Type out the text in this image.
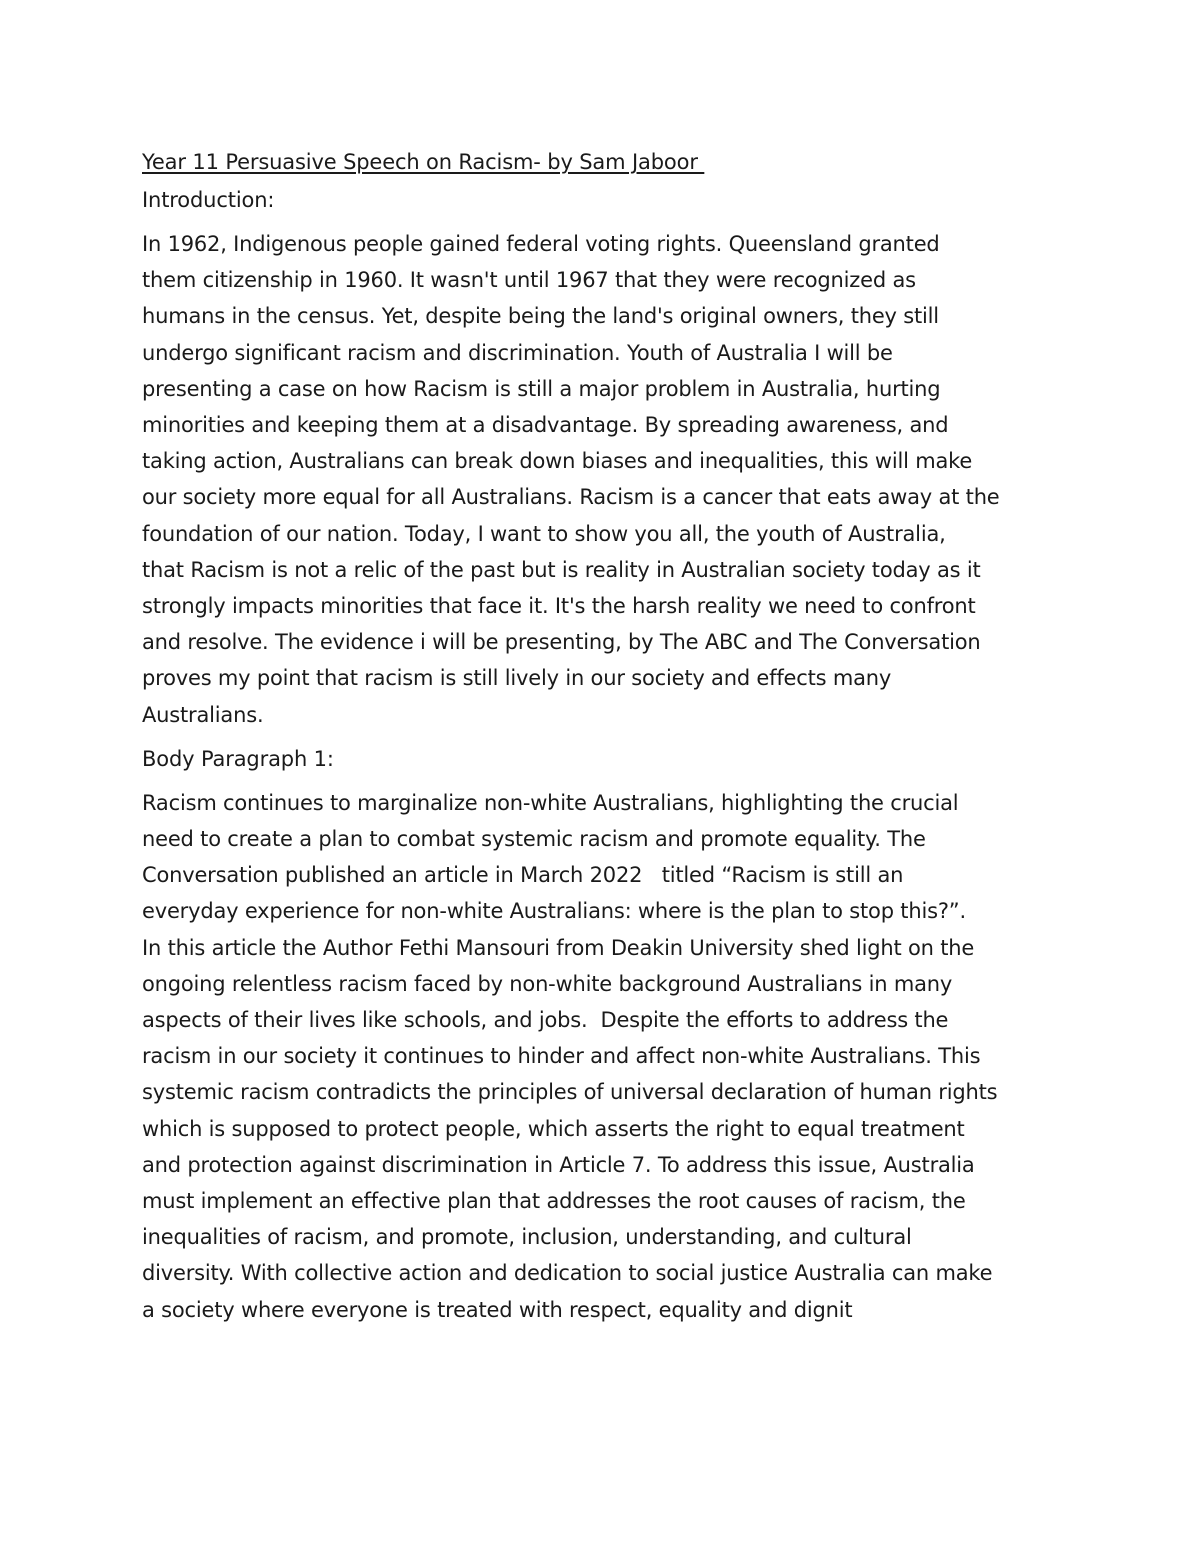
Year 11 Persuasive Speech on Racism- by Sam Jaboor

Introduction:

In 1962, Indigenous people gained federal voting rights. Queensland granted
them citizenship in 1960. It wasn't until 1967 that they were recognized as
humans in the census. Yet, despite being the land's original owners, they still
undergo significant racism and discrimination. Youth of Australia I will be
presenting a case on how Racism is still a major problem in Australia, hurting
minorities and keeping them at a disadvantage. By spreading awareness, and
taking action, Australians can break down biases and inequalities, this will make
our society more equal for all Australians. Racism is a cancer that eats away at the
foundation of our nation. Today, I want to show you all, the youth of Australia,
that Racism is not a relic of the past but is reality in Australian society today as it
strongly impacts minorities that face it. It's the harsh reality we need to confront
and resolve. The evidence i will be presenting, by The ABC and The Conversation
proves my point that racism is still lively in our society and effects many
Australians.

Body Paragraph 1:

Racism continues to marginalize non-white Australians, highlighting the crucial
need to create a plan to combat systemic racism and promote equality. The
Conversation published an article in March 2022   titled “Racism is still an
everyday experience for non-white Australians: where is the plan to stop this?”.
In this article the Author Fethi Mansouri from Deakin University shed light on the
ongoing relentless racism faced by non-white background Australians in many
aspects of their lives like schools, and jobs.  Despite the efforts to address the
racism in our society it continues to hinder and affect non-white Australians. This
systemic racism contradicts the principles of universal declaration of human rights
which is supposed to protect people, which asserts the right to equal treatment
and protection against discrimination in Article 7. To address this issue, Australia
must implement an effective plan that addresses the root causes of racism, the
inequalities of racism, and promote, inclusion, understanding, and cultural
diversity. With collective action and dedication to social justice Australia can make
a society where everyone is treated with respect, equality and dignit
